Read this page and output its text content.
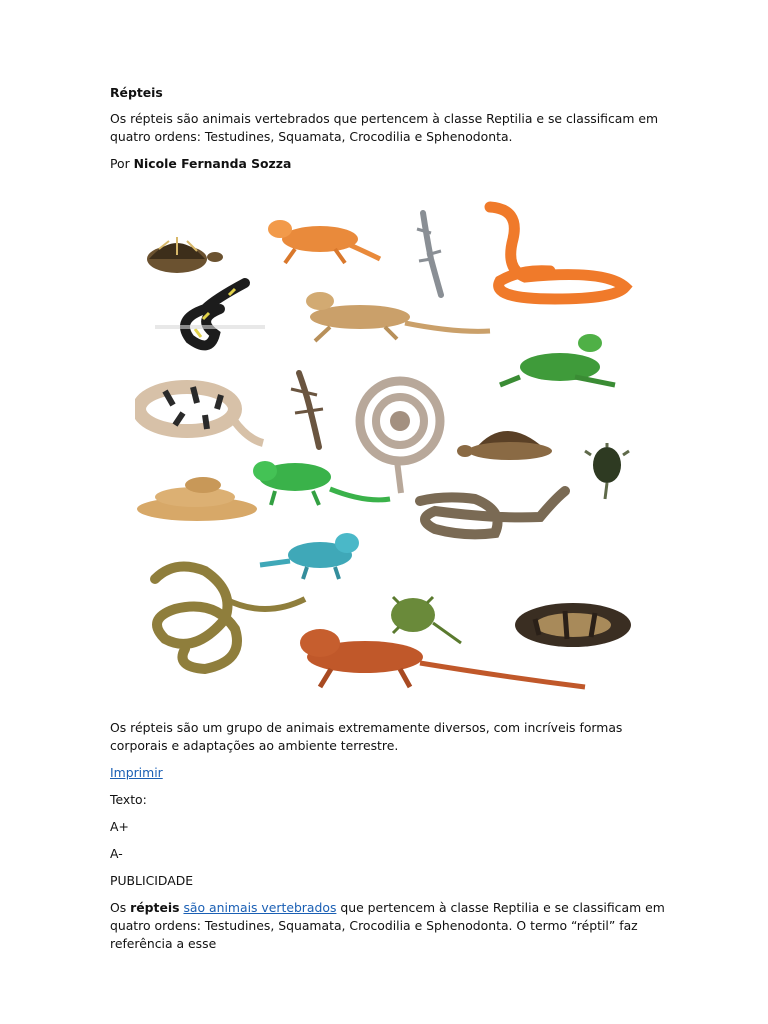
Répteis

Os répteis são animais vertebrados que pertencem à classe Reptilia e se classificam em quatro ordens: Testudines, Squamata, Crocodilia e Sphenodonta.

Por Nicole Fernanda Sozza

Os répteis são um grupo de animais extremamente diversos, com incríveis formas corporais e adaptações ao ambiente terrestre.

Imprimir

Texto:

A+

A-

PUBLICIDADE

Os répteis são animais vertebrados que pertencem à classe Reptilia e se classificam em quatro ordens: Testudines, Squamata, Crocodilia e Sphenodonta. O termo “réptil” faz referência a esse
